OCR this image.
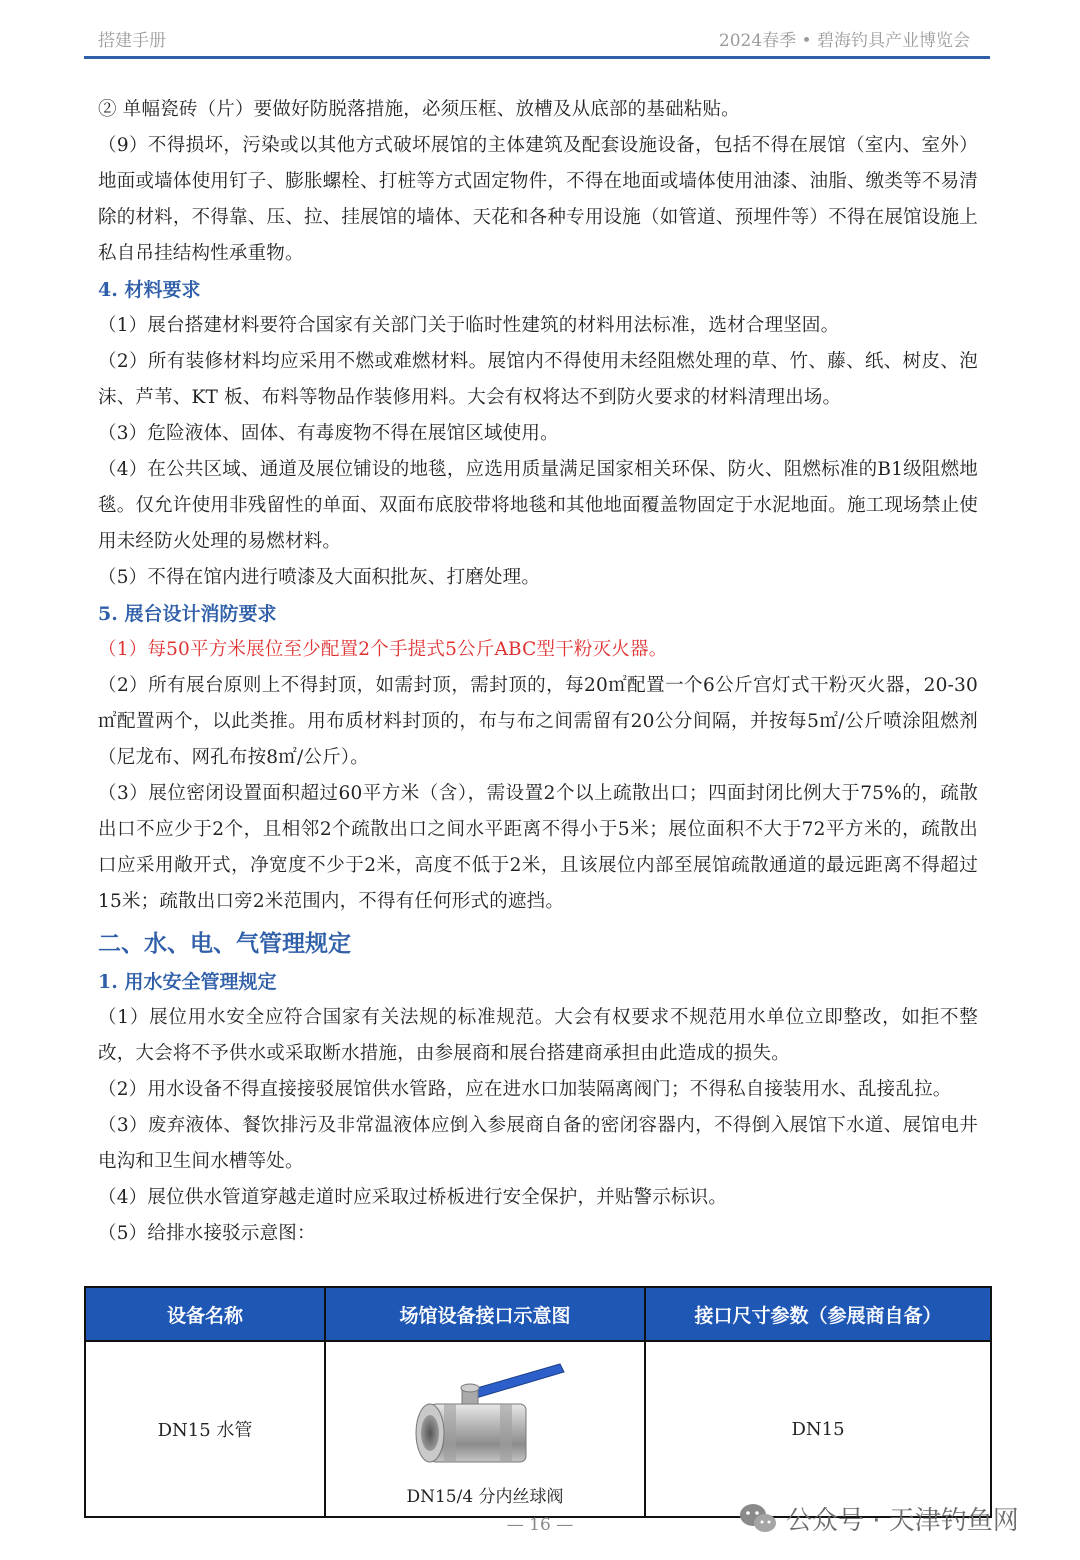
搭建手册	2024春季 • 碧海钓具产业博览会

② 单幅瓷砖（片）要做好防脱落措施，必须压框、放槽及从底部的基础粘贴。

（9）不得损坏，污染或以其他方式破坏展馆的主体建筑及配套设施设备，包括不得在展馆（室内、室外）地面或墙体使用钉子、膨胀螺栓、打桩等方式固定物件，不得在地面或墙体使用油漆、油脂、缴类等不易清除的材料，不得靠、压、拉、挂展馆的墙体、天花和各种专用设施（如管道、预埋件等）不得在展馆设施上私自吊挂结构性承重物。

4. 材料要求

（1）展台搭建材料要符合国家有关部门关于临时性建筑的材料用法标准，选材合理坚固。

（2）所有装修材料均应采用不燃或难燃材料。展馆内不得使用未经阻燃处理的草、竹、藤、纸、树皮、泡沫、芦苇、KT 板、布料等物品作装修用料。大会有权将达不到防火要求的材料清理出场。

（3）危险液体、固体、有毒废物不得在展馆区域使用。

（4）在公共区域、通道及展位铺设的地毯，应选用质量满足国家相关环保、防火、阻燃标准的B1级阻燃地毯。仅允许使用非残留性的单面、双面布底胶带将地毯和其他地面覆盖物固定于水泥地面。施工现场禁止使用未经防火处理的易燃材料。

（5）不得在馆内进行喷漆及大面积批灰、打磨处理。

5. 展台设计消防要求

（1）每50平方米展位至少配置2个手提式5公斤ABC型干粉灭火器。

（2）所有展台原则上不得封顶，如需封顶，需封顶的，每20㎡配置一个6公斤宫灯式干粉灭火器，20-30㎡配置两个，以此类推。用布质材料封顶的，布与布之间需留有20公分间隔，并按每5㎡/公斤喷涂阻燃剂（尼龙布、网孔布按8㎡/公斤）。

（3）展位密闭设置面积超过60平方米（含），需设置2个以上疏散出口；四面封闭比例大于75%的，疏散出口不应少于2个，且相邻2个疏散出口之间水平距离不得小于5米；展位面积不大于72平方米的，疏散出口应采用敞开式，净宽度不少于2米，高度不低于2米，且该展位内部至展馆疏散通道的最远距离不得超过15米；疏散出口旁2米范围内，不得有任何形式的遮挡。

二、水、电、气管理规定

1. 用水安全管理规定

（1）展位用水安全应符合国家有关法规的标准规范。大会有权要求不规范用水单位立即整改，如拒不整改，大会将不予供水或采取断水措施，由参展商和展台搭建商承担由此造成的损失。

（2）用水设备不得直接接驳展馆供水管路，应在进水口加装隔离阀门；不得私自接装用水、乱接乱拉。

（3）废弃液体、餐饮排污及非常温液体应倒入参展商自备的密闭容器内，不得倒入展馆下水道、展馆电井电沟和卫生间水槽等处。

（4）展位供水管道穿越走道时应采取过桥板进行安全保护，并贴警示标识。

（5）给排水接驳示意图：

设备名称	场馆设备接口示意图	接口尺寸参数（参展商自备）
DN15 水管	DN15/4 分内丝球阀	DN15
— 16 —	公众号 · 天津钓鱼网
